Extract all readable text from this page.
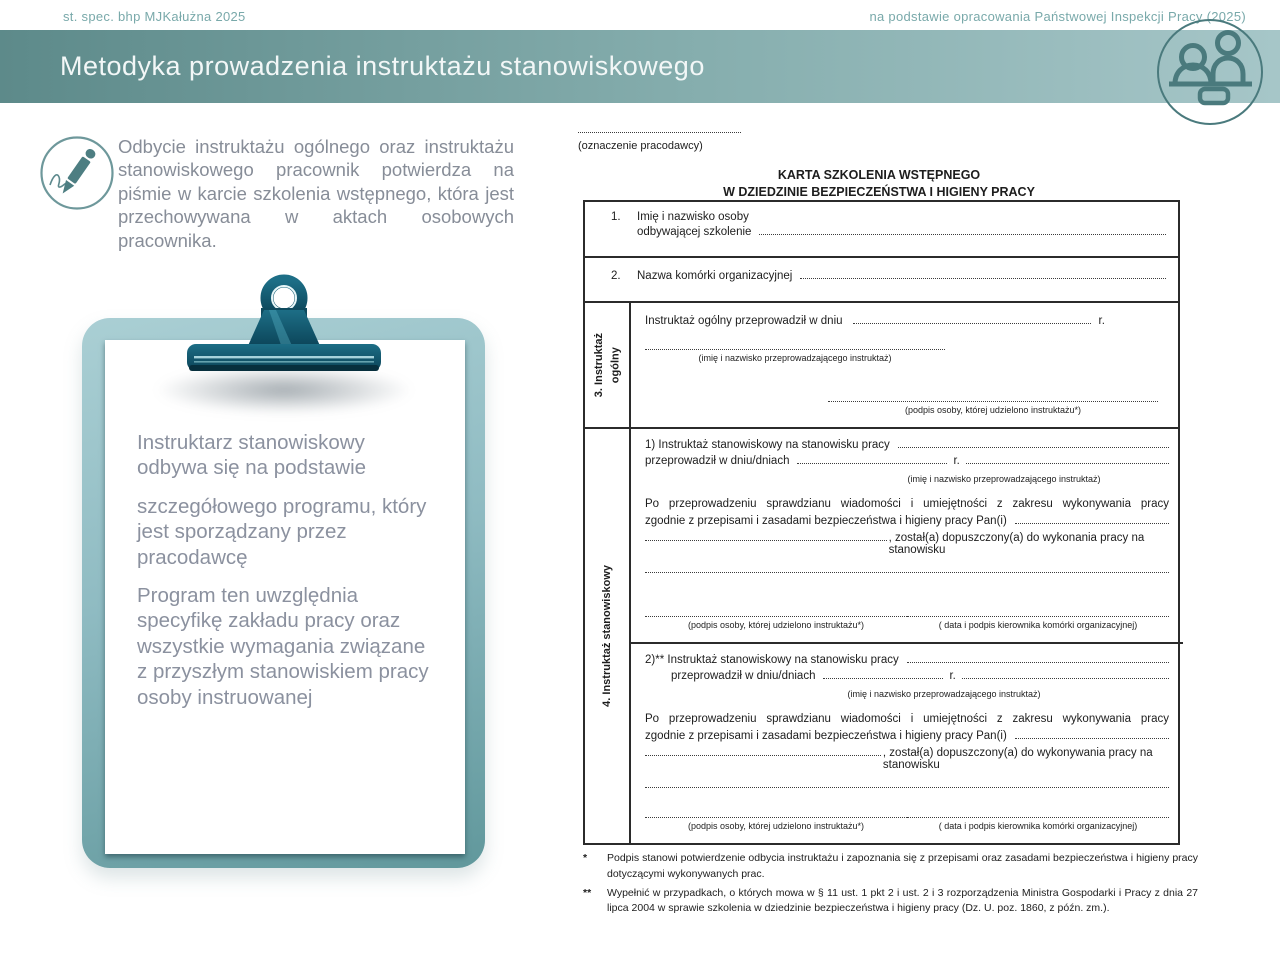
st. spec. bhp MJKałużna 2025	na podstawie opracowania Państwowej Inspekcji Pracy (2025)
Metodyka prowadzenia instruktażu stanowiskowego

Odbycie instruktażu ogólnego oraz instruktażu stanowiskowego pracownik potwierdza na piśmie w karcie szkolenia wstępnego, która jest przechowywana w aktach osobowych pracownika.

Instruktarz stanowiskowy odbywa się na podstawie

szczegółowego programu, który jest sporządzany przez pracodawcę

Program ten uwzględnia specyfikę zakładu pracy oraz wszystkie wymagania związane z przyszłym stanowiskiem pracy osoby instruowanej

(oznaczenie pracodawcy)
KARTA SZKOLENIA WSTĘPNEGO
W DZIEDZINIE BEZPIECZEŃSTWA I HIGIENY PRACY
1.	Imię i nazwisko osoby
odbywającej szkolenie
2.	Nazwa komórki organizacyjnej
3. Instruktaż ogólny
Instruktaż ogólny przeprowadził w dniu	r.
(imię i nazwisko przeprowadzającego instruktaż)
(podpis osoby, której udzielono instruktażu*)
4. Instruktaż stanowiskowy
1) Instruktaż stanowiskowy na stanowisku pracy
przeprowadził w dniu/dniach	r.
(imię i nazwisko przeprowadzającego instruktaż)
Po przeprowadzeniu sprawdzianu wiadomości i umiejętności z zakresu wykonywania pracy
zgodnie z przepisami i zasadami bezpieczeństwa i higieny pracy Pan(i)
, został(a) dopuszczony(a) do wykonania pracy na stanowisku
(podpis osoby, której udzielono instruktażu*)	( data i podpis kierownika komórki organizacyjnej)
2)** Instruktaż stanowiskowy na stanowisku pracy
przeprowadził w dniu/dniach	r.
(imię i nazwisko przeprowadzającego instruktaż)
Po przeprowadzeniu sprawdzianu wiadomości i umiejętności z zakresu wykonywania pracy
zgodnie z przepisami i zasadami bezpieczeństwa i higieny pracy Pan(i)
, został(a) dopuszczony(a) do wykonywania pracy na stanowisku
(podpis osoby, której udzielono instruktażu*)	( data i podpis kierownika komórki organizacyjnej)
*	Podpis stanowi potwierdzenie odbycia instruktażu i zapoznania się z przepisami oraz zasadami bezpieczeństwa i higieny pracy dotyczącymi wykonywanych prac.
**	Wypełnić w przypadkach, o których mowa w § 11 ust. 1 pkt 2 i ust. 2 i 3 rozporządzenia Ministra Gospodarki i Pracy z dnia 27 lipca 2004 w sprawie szkolenia w dziedzinie bezpieczeństwa i higieny pracy (Dz. U. poz. 1860, z późn. zm.).
